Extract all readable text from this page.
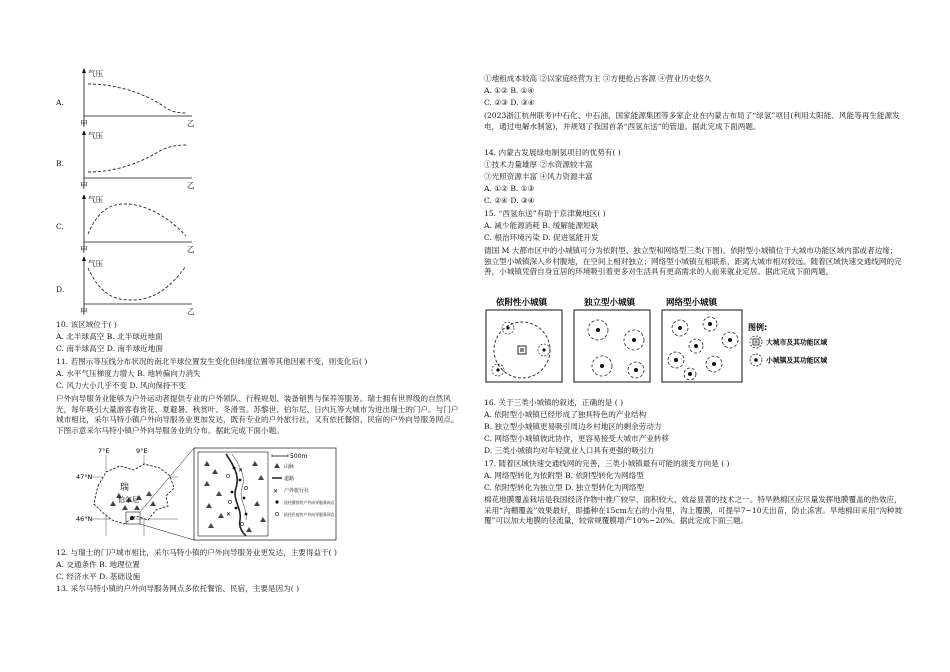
A.
气压
甲	乙
B.
气压
甲	乙
C.
气压
甲	乙
D.
气压
甲	乙
10. 该区域位于( )
A. 北半球高空 B. 北半球近地面
C. 南半球高空 D. 南半球近地面
11. 若图示等压线分布状况的南北半球位置发生变化但纬度位置等其他因素不变，则变化后( )
A. 水平气压梯度力增大 B. 地转偏向力消失
C. 风力大小几乎不变 D. 风向保持不变
户外向导服务业能够为户外运动者提供专业的户外领队、行程规划、装备销售与保养等服务。瑞士拥有世界级的自然风光，每年吸引大量游客春赏花、夏避暑、秋赏叶、冬滑雪。苏黎世、伯尔尼、日内瓦等大城市为进出瑞士的门户。与门户城市相比，采尔马特小镇户外向导服务业更加发达，既有专业的户外旅行社，又有依托餐馆、民宿的户外向导服务网点。下图示意采尔马特小镇户外向导服务业的分布。据此完成下面小题。
7°E	9°E
47°N
46°N
瑞
伯尔尼
✕
✕
500m
山脉
道路
✕ 户外旅行社
依托餐馆的户外向导服务网点
依托民宿的户外向导服务网点
12. 与瑞士的门户城市相比，采尔马特小镇的户外向导服务业更发达，主要得益于( )
A. 交通条件 B. 地理位置
C. 经济水平 D. 基础设施
13. 采尔马特小镇的户外向导服务网点多依托餐馆、民宿，主要是因为( )
①地租成本较高 ②以家庭经营为主 ③方便抢占客源 ④营业历史悠久
A. ①② B. ①④
C. ②③ D. ③④
(2023浙江杭州联考)中石化、中石油、国家能源集团等多家企业在内蒙古布局了“绿氢”项目(利用太阳能、风能等再生能源发电，通过电解水制氢)，并规划了我国首条“西氢东送”的管道。据此完成下面两题。
14. 内蒙古发展绿电制氢项目的优势有( )
①技术力量雄厚 ②水资源较丰富
③光照资源丰富 ④风力资源丰富
A. ①② B. ①③
C. ②④ D. ③④
15. “西氢东送”有助于京津冀地区( )
A. 减少能源消耗 B. 缓解能源短缺
C. 根治环境污染 D. 促进氢能开发
德国 M 大都市区中的小城镇可分为依附型、独立型和网络型三类(下图)。依附型小城镇位于大城市功能区域内部或者边缘；独立型小城镇深入乡村腹地，在空间上相对独立；网络型小城镇互相联系，距离大城市相对较远。随着区域快速交通线网的完善，小城镇凭借自身宜居的环境吸引着更多对生活具有更高需求的人前来就业定居。据此完成下面两题。
依附性小城镇	独立型小城镇	网络型小城镇
图例:
大城市及其功能区域
小城镇及其功能区域
16. 关于三类小城镇的叙述，正确的是 ( )
A. 依附型小城镇已经形成了独具特色的产业结构
B. 独立型小城镇更易吸引周边乡村地区的剩余劳动力
C. 网络型小城镇彼此协作，更容易接受大城市产业转移
D. 三类小城镇均对年轻就业人口具有更强的吸引力
17. 随着区域快速交通线网的完善，三类小城镇最有可能的演变方向是 ( )
A. 网络型转化为依附型 B. 依附型转化为网络型
C. 依附型转化为独立型 D. 独立型转化为网络型
棉花地膜覆盖栽培是我国经济作物中推广较早、面积较大、效益显著的技术之一。特旱熟棉区应尽量发挥地膜覆盖的热效应，采用“沟棚覆盖”效果最好，即播种在15cm左右的小沟里，沟上覆膜，可提早7~10天出苗，防止冻害。旱地棉田采用“沟种坡覆”可以加大地膜的径流量，较常规覆膜增产10%~20%。据此完成下面三题。
